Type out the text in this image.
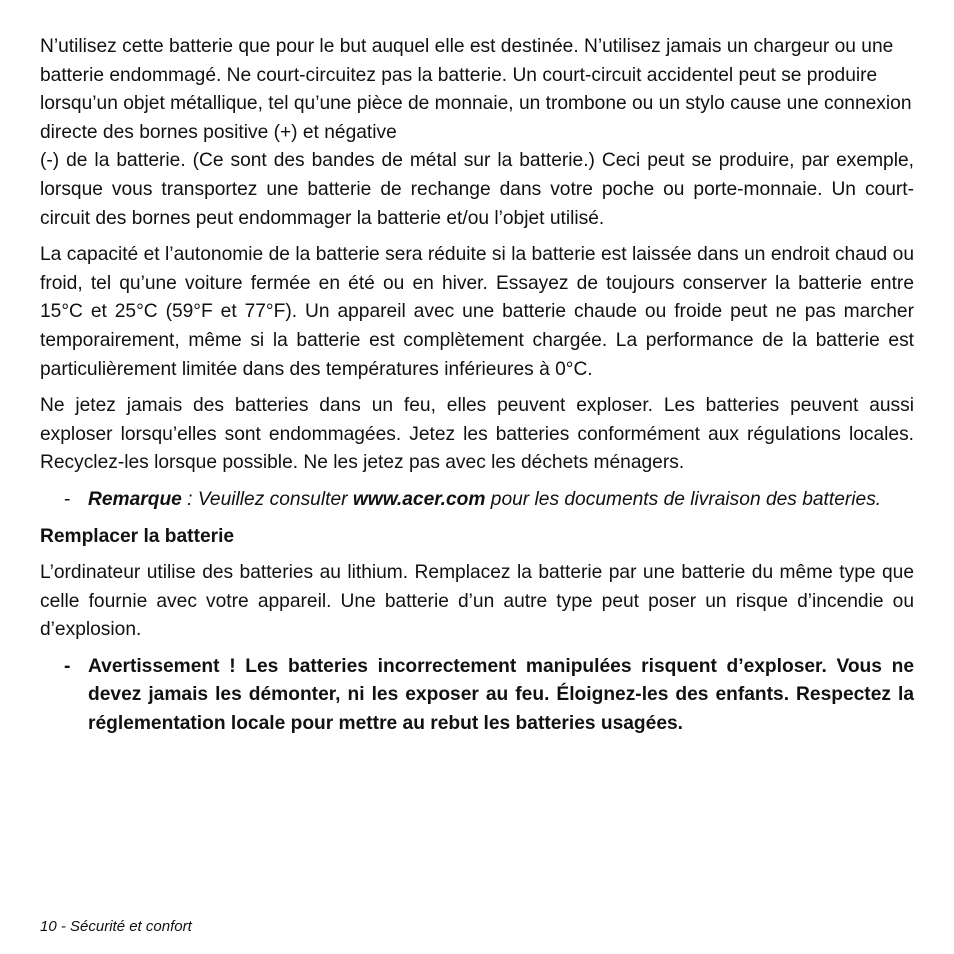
N’utilisez cette batterie que pour le but auquel elle est destinée. N’utilisez jamais un chargeur ou une batterie endommagé. Ne court-circuitez pas la batterie. Un court-circuit accidentel peut se produire lorsqu’un objet métallique, tel qu’une pièce de monnaie, un trombone ou un stylo cause une connexion directe des bornes positive (+) et négative

(-) de la batterie. (Ce sont des bandes de métal sur la batterie.) Ceci peut se produire, par exemple, lorsque vous transportez une batterie de rechange dans votre poche ou porte-monnaie. Un court-circuit des bornes peut endommager la batterie et/ou l’objet utilisé.

La capacité et l’autonomie de la batterie sera réduite si la batterie est laissée dans un endroit chaud ou froid, tel qu’une voiture fermée en été ou en hiver. Essayez de toujours conserver la batterie entre 15°C et 25°C (59°F et 77°F). Un appareil avec une batterie chaude ou froide peut ne pas marcher temporairement, même si la batterie est complètement chargée. La performance de la batterie est particulièrement limitée dans des températures inférieures à 0°C.

Ne jetez jamais des batteries dans un feu, elles peuvent exploser. Les batteries peuvent aussi exploser lorsqu’elles sont endommagées. Jetez les batteries conformément aux régulations locales. Recyclez-les lorsque possible. Ne les jetez pas avec les déchets ménagers.

- Remarque : Veuillez consulter www.acer.com pour les documents de livraison des batteries.
Remplacer la batterie

L’ordinateur utilise des batteries au lithium. Remplacez la batterie par une batterie du même type que celle fournie avec votre appareil. Une batterie d’un autre type peut poser un risque d’incendie ou d’explosion.

- Avertissement ! Les batteries incorrectement manipulées risquent d’exploser. Vous ne devez jamais les démonter, ni les exposer au feu. Éloignez-les des enfants. Respectez la réglementation locale pour mettre au rebut les batteries usagées.
10 - Sécurité et confort
